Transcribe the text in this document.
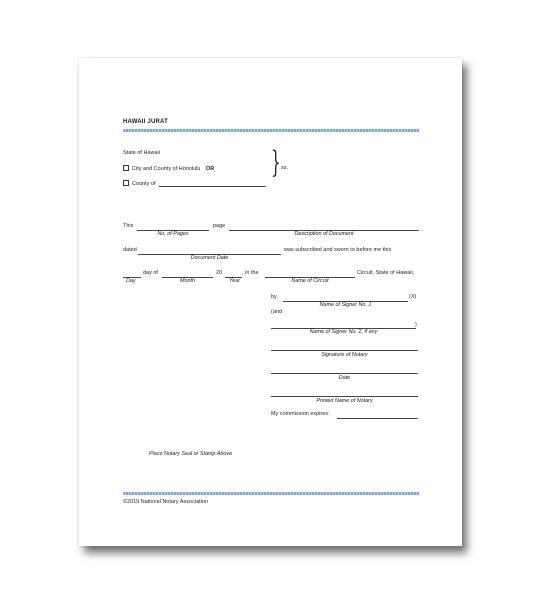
HAWAII JURAT
State of Hawaii
City and County of Honolulu OR
County of
} ss.
This	page
No. of Pages	Description of Document
dated	was subscribed and sworn to before me this
Document Date
day of	20	, in the	Circuit, State of Hawaii,
Day	Month	Year	Name of Circuit
by	(X)
Name of Signer No. 1
(and
)
Name of Signer No. 2, if any
Signature of Notary
Date
Printed Name of Notary
My commission expires:
Place Notary Seal or Stamp Above
©2019 National Notary Association
